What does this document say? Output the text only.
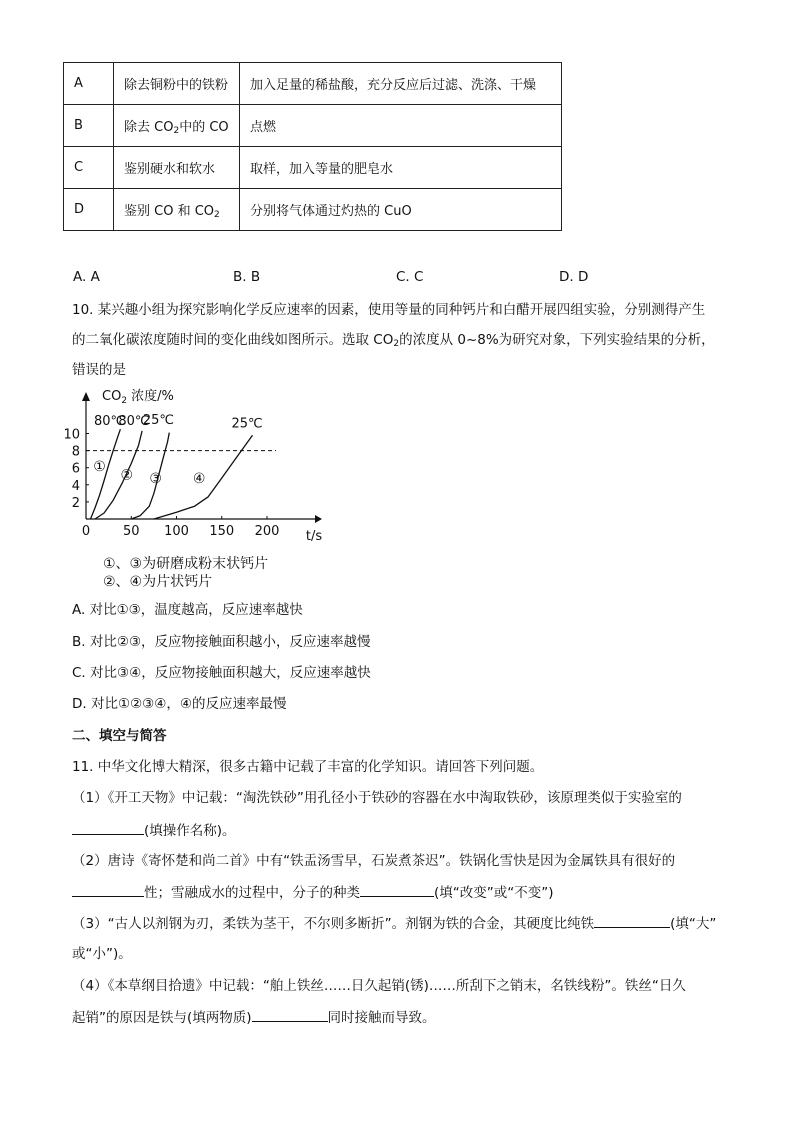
A	除去铜粉中的铁粉	加入足量的稀盐酸，充分反应后过滤、洗涤、干燥
B	除去 $CO_2$中的 CO	点燃
C	鉴别硬水和软水	取样，加入等量的肥皂水
D	鉴别 CO 和 $CO_2$	分别将气体通过灼热的 CuO
A. A	B. B	C. C	D. D
10. 某兴趣小组为探究影响化学反应速率的因素，使用等量的同种钙片和白醋开展四组实验，分别测得产生
的二氧化碳浓度随时间的变化曲线如图所示。选取 $CO_2$的浓度从 0~8%为研究对象，下列实验结果的分析，
错误的是
$CO_2$ 浓度/%
t/s
0	50 100 150 200
2
4
6
8
10
①
80℃
②
80℃
③
25℃
④
25℃
①、③为研磨成粉末状钙片
②、④为片状钙片
A. 对比①③，温度越高，反应速率越快
B. 对比②③，反应物接触面积越小，反应速率越慢
C. 对比③④，反应物接触面积越大，反应速率越快
D. 对比①②③④，④的反应速率最慢
二、填空与简答
11. 中华文化博大精深，很多古籍中记载了丰富的化学知识。请回答下列问题。
（1）《开工天物》中记载：“淘洗铁砂”用孔径小于铁砂的容器在水中淘取铁砂，该原理类似于实验室的
(填操作名称)。
（2）唐诗《寄怀楚和尚二首》中有“铁盂汤雪早，石炭煮茶迟”。铁锅化雪快是因为金属铁具有很好的
性；雪融成水的过程中，分子的种类	(填“改变”或“不变”)
（3）“古人以剂钢为刃，柔铁为茎干，不尔则多断折”。剂钢为铁的合金，其硬度比纯铁	(填“大”
或“小”)。
（4）《本草纲目拾遗》中记载：“舶上铁丝……日久起销(锈)……所刮下之销末，名铁线粉”。铁丝“日久
起销”的原因是铁与(填两物质)	同时接触而导致。
